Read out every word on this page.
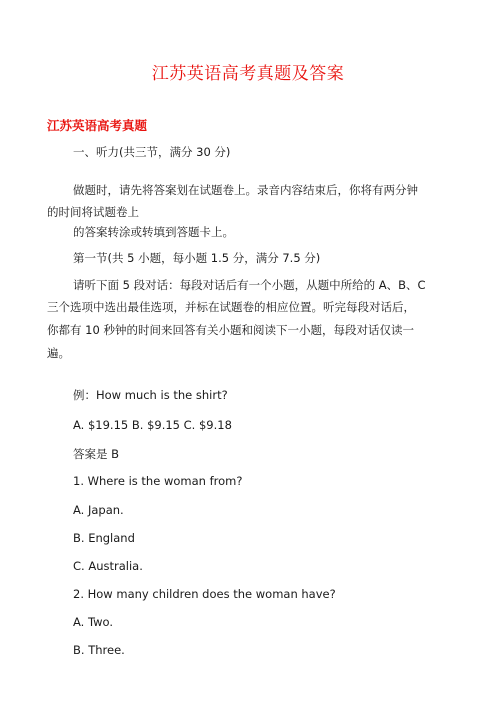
江苏英语高考真题及答案
江苏英语高考真题
一、听力(共三节，满分 30 分)
做题时，请先将答案划在试题卷上。录音内容结束后，你将有两分钟
的时间将试题卷上
的答案转涂或转填到答题卡上。
第一节(共 5 小题，每小题 1.5 分，满分 7.5 分)
请听下面 5 段对话：每段对话后有一个小题，从题中所给的 A、B、C
三个选项中选出最佳选项，并标在试题卷的相应位置。听完每段对话后，
你都有 10 秒钟的时间来回答有关小题和阅读下一小题，每段对话仅读一
遍。
例：How much is the shirt?
A. $19.15 B. $9.15 C. $9.18
答案是 B
1. Where is the woman from?
A. Japan.
B. England
C. Australia.
2. How many children does the woman have?
A. Two.
B. Three.
